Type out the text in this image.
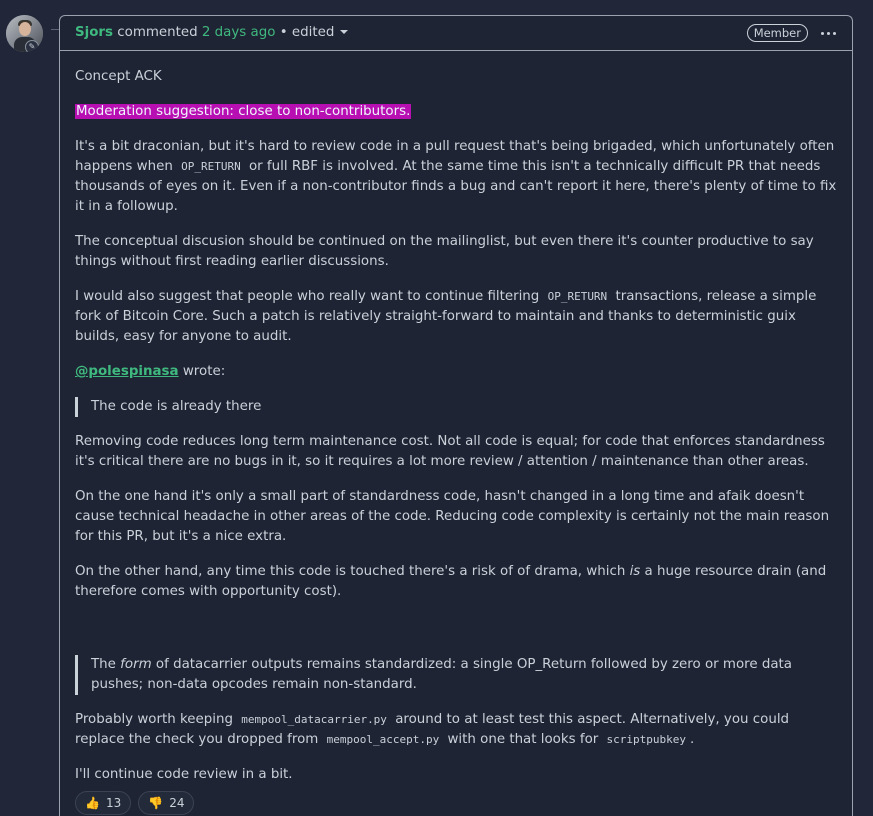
✎
Sjors
commented
2 days ago
•
edited	Member

Concept ACK

Moderation suggestion: close to non-contributors.

It's a bit draconian, but it's hard to review code in a pull request that's being brigaded, which unfortunately often happens when OP_RETURN or full RBF is involved. At the same time this isn't a technically difficult PR that needs thousands of eyes on it. Even if a non-contributor finds a bug and can't report it here, there's plenty of time to fix it in a followup.

The conceptual discusion should be continued on the mailinglist, but even there it's counter productive to say things without first reading earlier discussions.

I would also suggest that people who really want to continue filtering OP_RETURN transactions, release a simple fork of Bitcoin Core. Such a patch is relatively straight-forward to maintain and thanks to deterministic guix builds, easy for anyone to audit.

@polespinasa wrote:

The code is already there

Removing code reduces long term maintenance cost. Not all code is equal; for code that enforces standardness it's critical there are no bugs in it, so it requires a lot more review / attention / maintenance than other areas.

On the one hand it's only a small part of standardness code, hasn't changed in a long time and afaik doesn't cause technical headache in other areas of the code. Reducing code complexity is certainly not the main reason for this PR, but it's a nice extra.

On the other hand, any time this code is touched there's a risk of of drama, which is a huge resource drain (and therefore comes with opportunity cost).

The form of datacarrier outputs remains standardized: a single OP_Return followed by zero or more data pushes; non-data opcodes remain non-standard.

Probably worth keeping mempool_datacarrier.py around to at least test this aspect. Alternatively, you could replace the check you dropped from mempool_accept.py with one that looks for scriptpubkey .

I'll continue code review in a bit.

👍 13 👎 24
